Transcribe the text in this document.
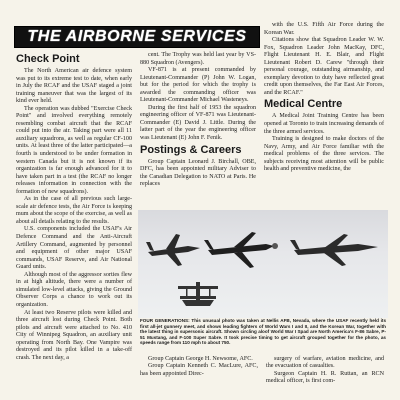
THE AIRBORNE SERVICES

Check Point

The North American air defence system was put to its extreme test to date, when early in July the RCAF and the USAF staged a joint training maneuver that was the largest of its kind ever held.

The operation was dubbed "Exercise Check Point" and involved everything remotely resembling combat aircraft that the RCAF could put into the air. Taking part were all 11 auxiliary squadrons, as well as regular CF-100 units. At least three of the latter participated—a fourth is understood to be under formation in western Canada but it is not known if its organization is far enough advanced for it to have taken part in a test (the RCAF no longer releases information in connection with the formation of new squadrons).

As in the case of all previous such large-scale air defence tests, the Air Force is keeping mum about the scope of the exercise, as well as about all details relating to the results.

U.S. components included the USAF's Air Defence Command and the Anti-Aircraft Artillery Command, augmented by personnel and equipment of other major USAF commands, USAF Reserve, and Air National Guard units.

Although most of the aggressor sorties flew in at high altitude, there were a number of simulated low-level attacks, giving the Ground Observer Corps a chance to work out its organization.

At least two Reserve pilots were killed and three aircraft lost during Check Point. Both pilots and aircraft were attached to No. 410 City of Winnipeg Squadron, an auxiliary unit operating from North Bay. One Vampire was destroyed and its pilot killed in a take-off crash. The next day, a

cent. The Trophy was held last year by VS-880 Squadron (Avengers).

VF-871 is at present commanded by Lieutenant-Commander (P) John W. Logan, but for the period for which the trophy is awarded the commanding officer was Lieutenant-Commander Michael Wasteneys.

During the first half of 1953 the squadron engineering officer of VF-871 was Lieutenant-Commander (E) David J. Little. During the latter part of the year the engineering officer was Lieutenant (E) John F. Fenik.

Postings & Careers

Group Captain Leonard J. Birchall, OBE, DFC, has been appointed military Adviser to the Canadian Delegation to NATO at Paris. He replaces

with the U.S. Fifth Air Force during the Korean War.

Citations show that Squadron Leader W. W. Fox, Squadron Leader John MacKay, DFC, Flight Lieutenant H. E. Blair, and Flight Lieutenant Robert D. Carew "through their personal courage, outstanding airmanship, and exemplary devotion to duty have reflected great credit upon themselves, the Far East Air Forces, and the RCAF."

Medical Centre

A Medical Joint Training Centre has been opened at Toronto to train increasing demands of the three armed services.

Training is designed to make doctors of the Navy, Army, and Air Force familiar with the medical problems of the three services. The subjects receiving most attention will be public health and preventive medicine, the

FOUR GENERATIONS: This unusual photo was taken at Nellis AFB, Nevada, where the USAF recently held its first all-jet gunnery meet, and shows leading fighters of World Wars I and II, and the Korean War, together with the latest thing in supersonic aircraft. Shown circling aloof World War I Spad are North America's F-86 Sabre, P-51 Mustang, and F-100 Super Sabre. It took precise timing to get aircraft grouped together for the photo, as speeds range from 110 mph to about 750.

Group Captain George H. Newsome, AFC.

Group Captain Kenneth C. MacLure, AFC, has been appointed Direc-

surgery of warfare, aviation medicine, and the evacuation of casualties.

Surgeon Captain H. R. Ruttan, an RCN medical officer, is first com-
